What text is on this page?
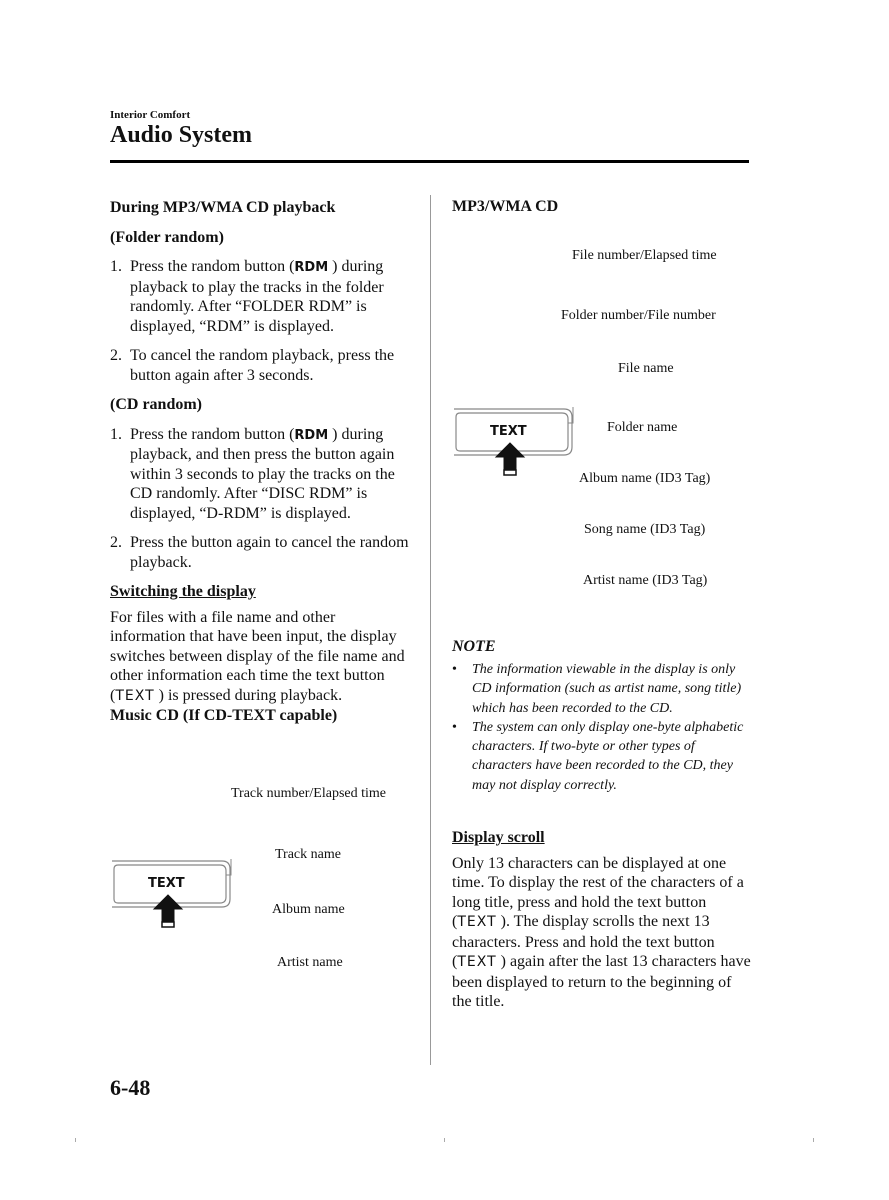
Interior Comfort
Audio System
During MP3/WMA CD playback
(Folder random)
1. Press the random button (RDM ) during playback to play the tracks in the folder randomly. After “FOLDER RDM” is displayed, “RDM” is displayed.
2. To cancel the random playback, press the button again after 3 seconds.
(CD random)
1. Press the random button (RDM ) during playback, and then press the button again within 3 seconds to play the tracks on the CD randomly. After “DISC RDM” is displayed, “D-RDM” is displayed.
2. Press the button again to cancel the random playback.
Switching the display

For files with a file name and other information that have been input, the display switches between display of the file name and other information each time the text button (TEXT ) is pressed during playback.

Music CD (If CD-TEXT capable)
TEXT
Track number/Elapsed time
Track name
Album name
Artist name
MP3/WMA CD
File number/Elapsed time
Folder number/File number
File name
Folder name
Album name (ID3 Tag)
Song name (ID3 Tag)
Artist name (ID3 Tag)
TEXT
NOTE
•	The information viewable in the display is only CD information (such as artist name, song title) which has been recorded to the CD.
•	The system can only display one-byte alphabetic characters. If two-byte or other types of characters have been recorded to the CD, they may not display correctly.
Display scroll

Only 13 characters can be displayed at one time. To display the rest of the characters of a long title, press and hold the text button (TEXT ). The display scrolls the next 13 characters. Press and hold the text button (TEXT ) again after the last 13 characters have been displayed to return to the beginning of the title.

6-48
